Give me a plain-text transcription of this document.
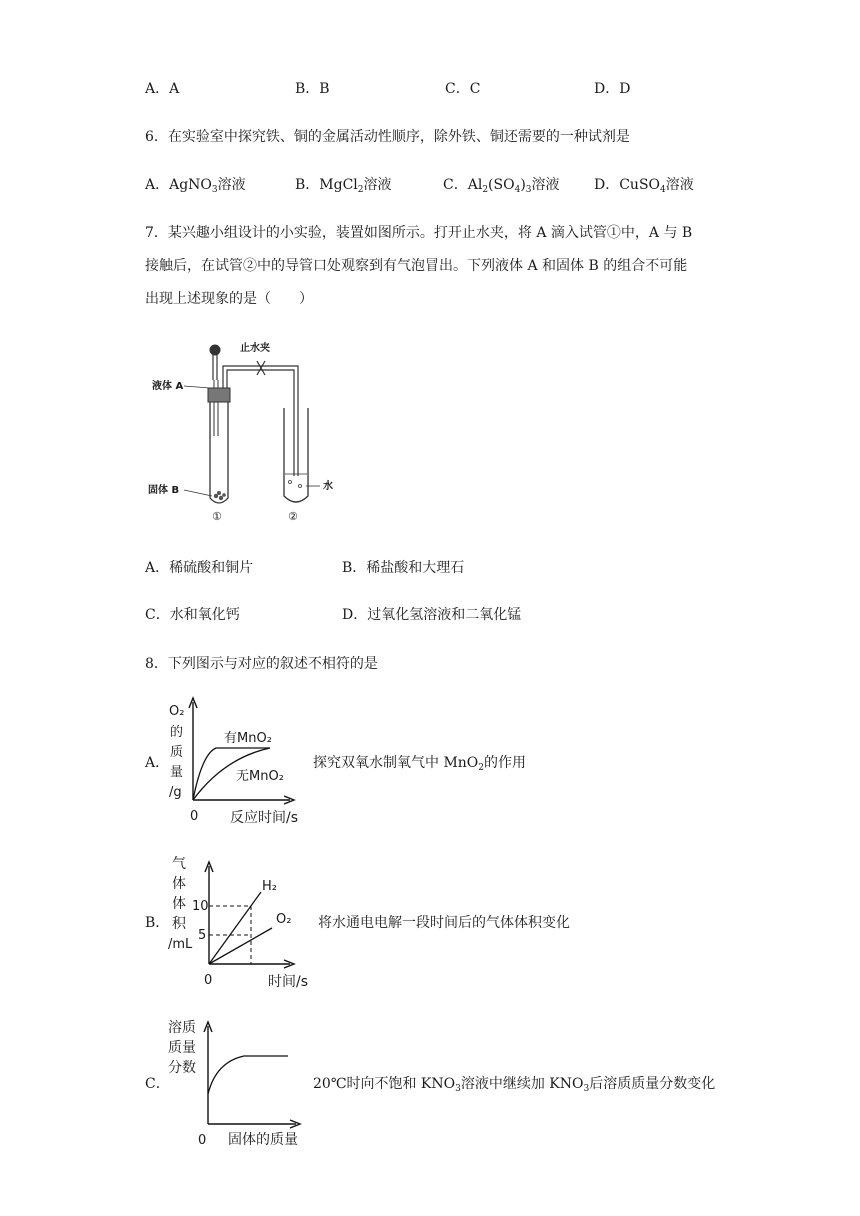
A．A	B．B	C．C	D．D
6．在实验室中探究铁、铜的金属活动性顺序，除外铁、铜还需要的一种试剂是
A．AgNO$_3$溶液	B．MgCl$_2$溶液	C．$Al_2(SO_4)_3$溶液 D．CuSO$_4$溶液
7．某兴趣小组设计的小实验，装置如图所示。打开止水夹，将 A 滴入试管①中，A 与 B
接触后，在试管②中的导管口处观察到有气泡冒出。下列液体 A 和固体 B 的组合不可能
出现上述现象的是（　　）
止水夹
液体 A
固体 B	水
①	②
A．稀硫酸和铜片	B．稀盐酸和大理石
C．水和氧化钙	D．过氧化氢溶液和二氧化锰
8．下列图示与对应的叙述不相符的是
A．
O₂
的
质
量
/g
有MnO₂
无MnO₂
0 反应时间/s
探究双氧水制氧气中 MnO$_2$的作用
B．
气
体
体
积
/mL
10
5
H₂
O₂
0	时间/s
将水通电电解一段时间后的气体体积变化
C．
溶质
质量
分数
0 固体的质量
20℃时向不饱和 $KNO_3$溶液中继续加 $KNO_3$后溶质质量分数变化
